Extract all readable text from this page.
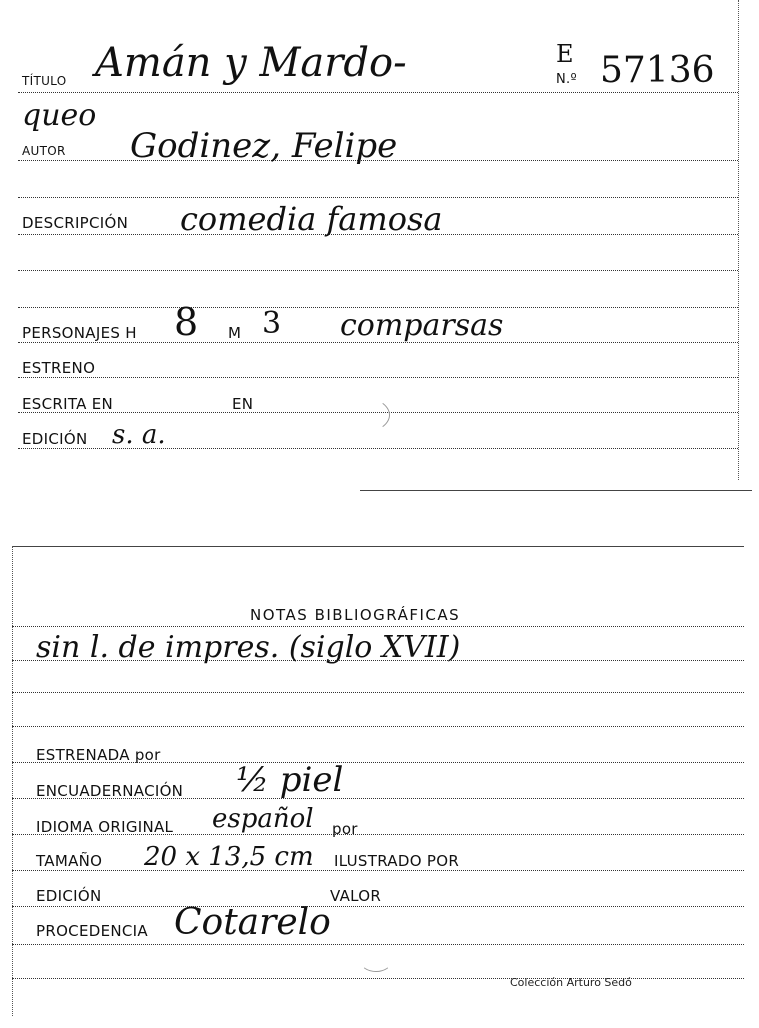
TÍTULO Amán y Mardo-
queo
E
N.º 57136
AUTOR Godinez, Felipe
DESCRIPCIÓN comedia famosa
PERSONAJES H 8 M 3 comparsas
ESTRENO
ESCRITA EN	EN
EDICIÓN s. a.
NOTAS BIBLIOGRÁFICAS
sin l. de impres. (siglo XVII)
ESTRENADA por
ENCUADERNACIÓN ½ piel
IDIOMA ORIGINAL español por
TAMAÑO 20 x 13,5 cm ILUSTRADO POR
EDICIÓN	VALOR
PROCEDENCIA Cotarelo
Colección Arturo Sedó
